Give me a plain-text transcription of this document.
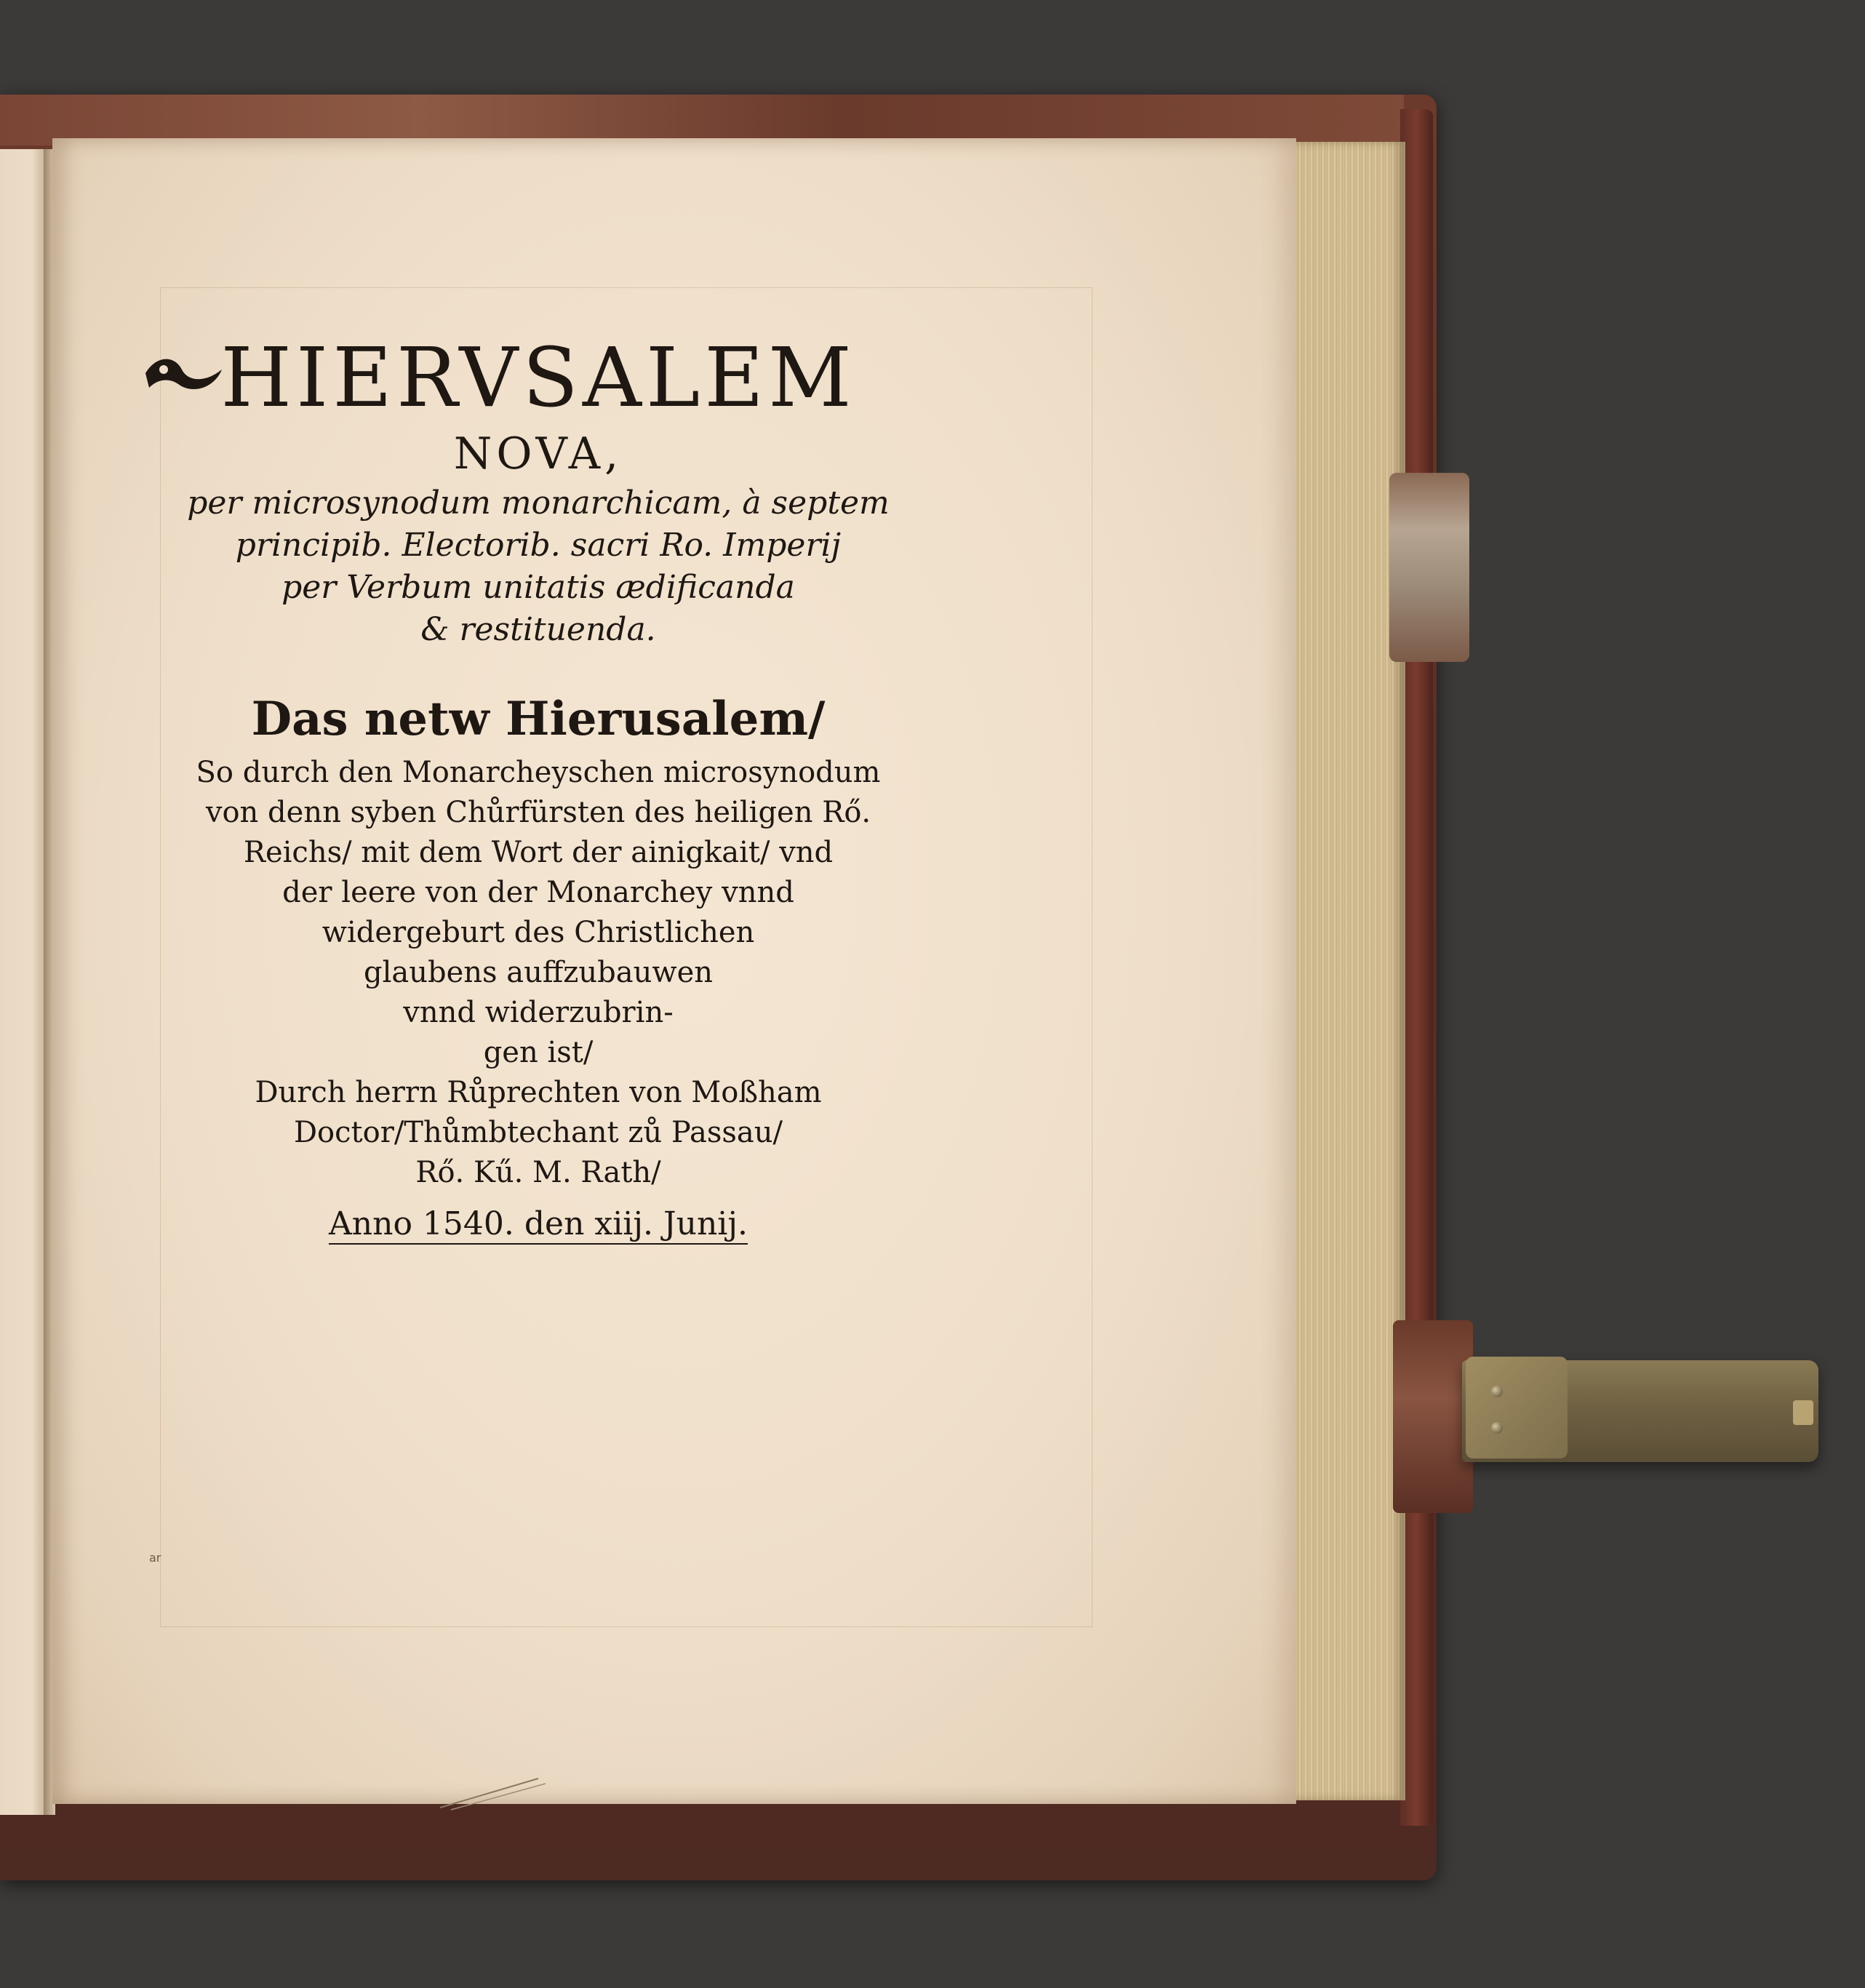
HIERVSALEM

NOVA,

per microsynodum monarchicam, à septem

principib. Electorib. sacri Ro. Imperij

per Verbum unitatis ædificanda

& restituenda.

Das netw Hierusalem/

So durch den Monarcheyschen microsynodum

von denn syben Chůrfürsten des heiligen Rő.

Reichs/ mit dem Wort der ainigkait/ vnd

der leere von der Monarchey vnnd

widergeburt des Christlichen

glaubens auffzubauwen

vnnd widerzubrin-

gen ist/

Durch herrn Růprechten von Moßham

Doctor/Thůmbtechant zů Passau/

Rő. Kű. M. Rath/

Anno 1540. den xiij. Junij.

ar
